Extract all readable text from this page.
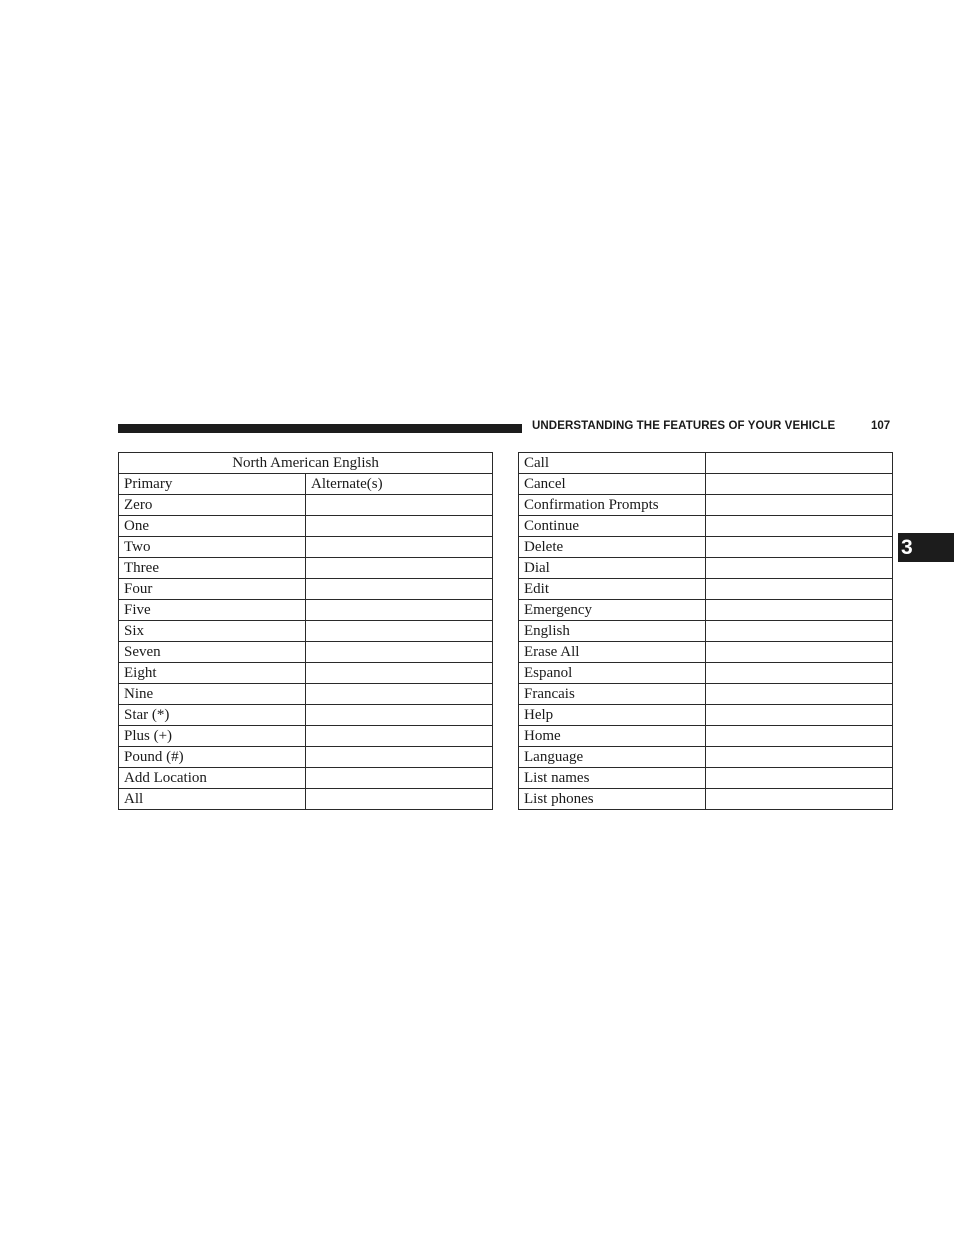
UNDERSTANDING THE FEATURES OF YOUR VEHICLE	107
3
North American English	
Primary	Alternate(s)
Zero	
One	
Two	
Three	
Four	
Five	
Six	
Seven	
Eight	
Nine	
Star (*)	
Plus (+)	
Pound (#)	
Add Location	
All	
Call	
Cancel	
Confirmation Prompts	
Continue	
Delete	
Dial	
Edit	
Emergency	
English	
Erase All	
Espanol	
Francais	
Help	
Home	
Language	
List names	
List phones	
